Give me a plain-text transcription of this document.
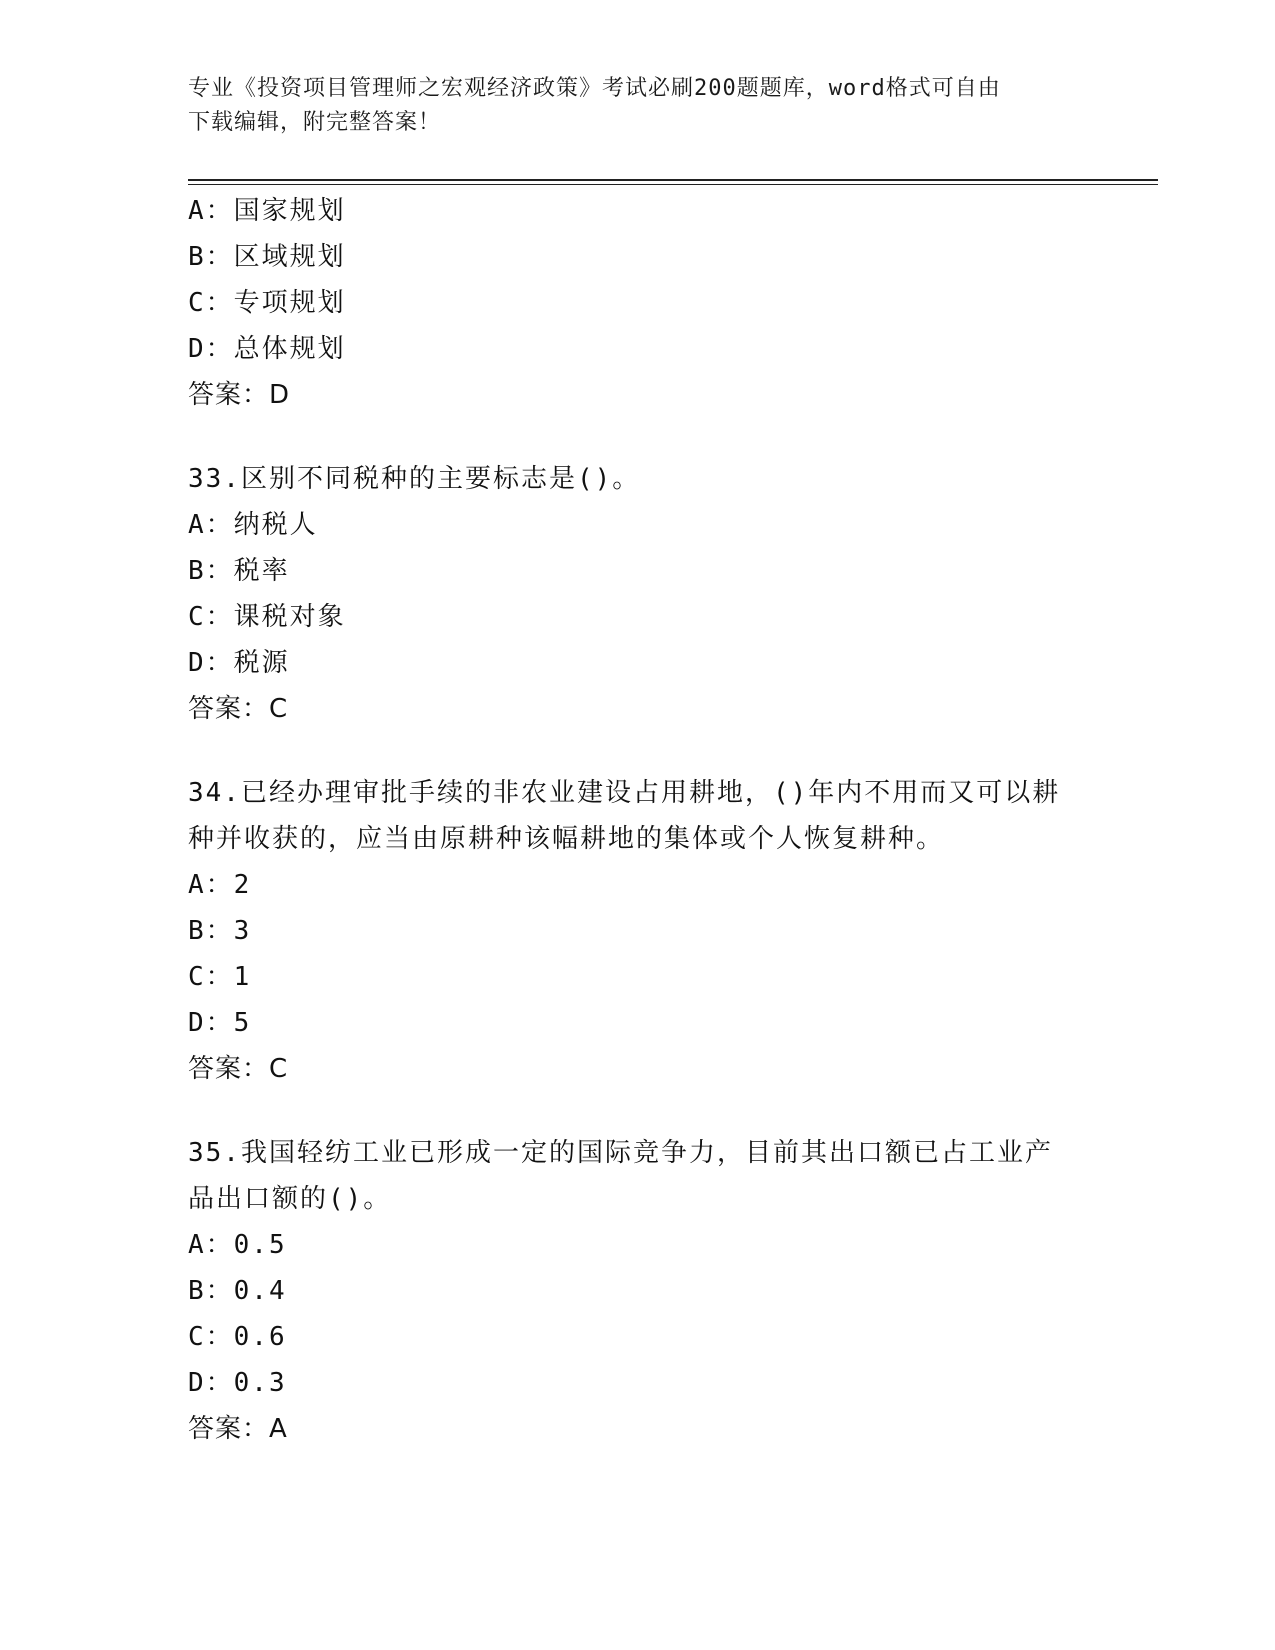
专业《投资项目管理师之宏观经济政策》考试必刷200题题库，word格式可自由
下载编辑，附完整答案！
A：国家规划
B：区域规划
C：专项规划
D：总体规划
答案：D
33.区别不同税种的主要标志是()。
A：纳税人
B：税率
C：课税对象
D：税源
答案：C
34.已经办理审批手续的非农业建设占用耕地，()年内不用而又可以耕
种并收获的，应当由原耕种该幅耕地的集体或个人恢复耕种。
A：2
B：3
C：1
D：5
答案：C
35.我国轻纺工业已形成一定的国际竞争力，目前其出口额已占工业产
品出口额的()。
A：0.5
B：0.4
C：0.6
D：0.3
答案：A
